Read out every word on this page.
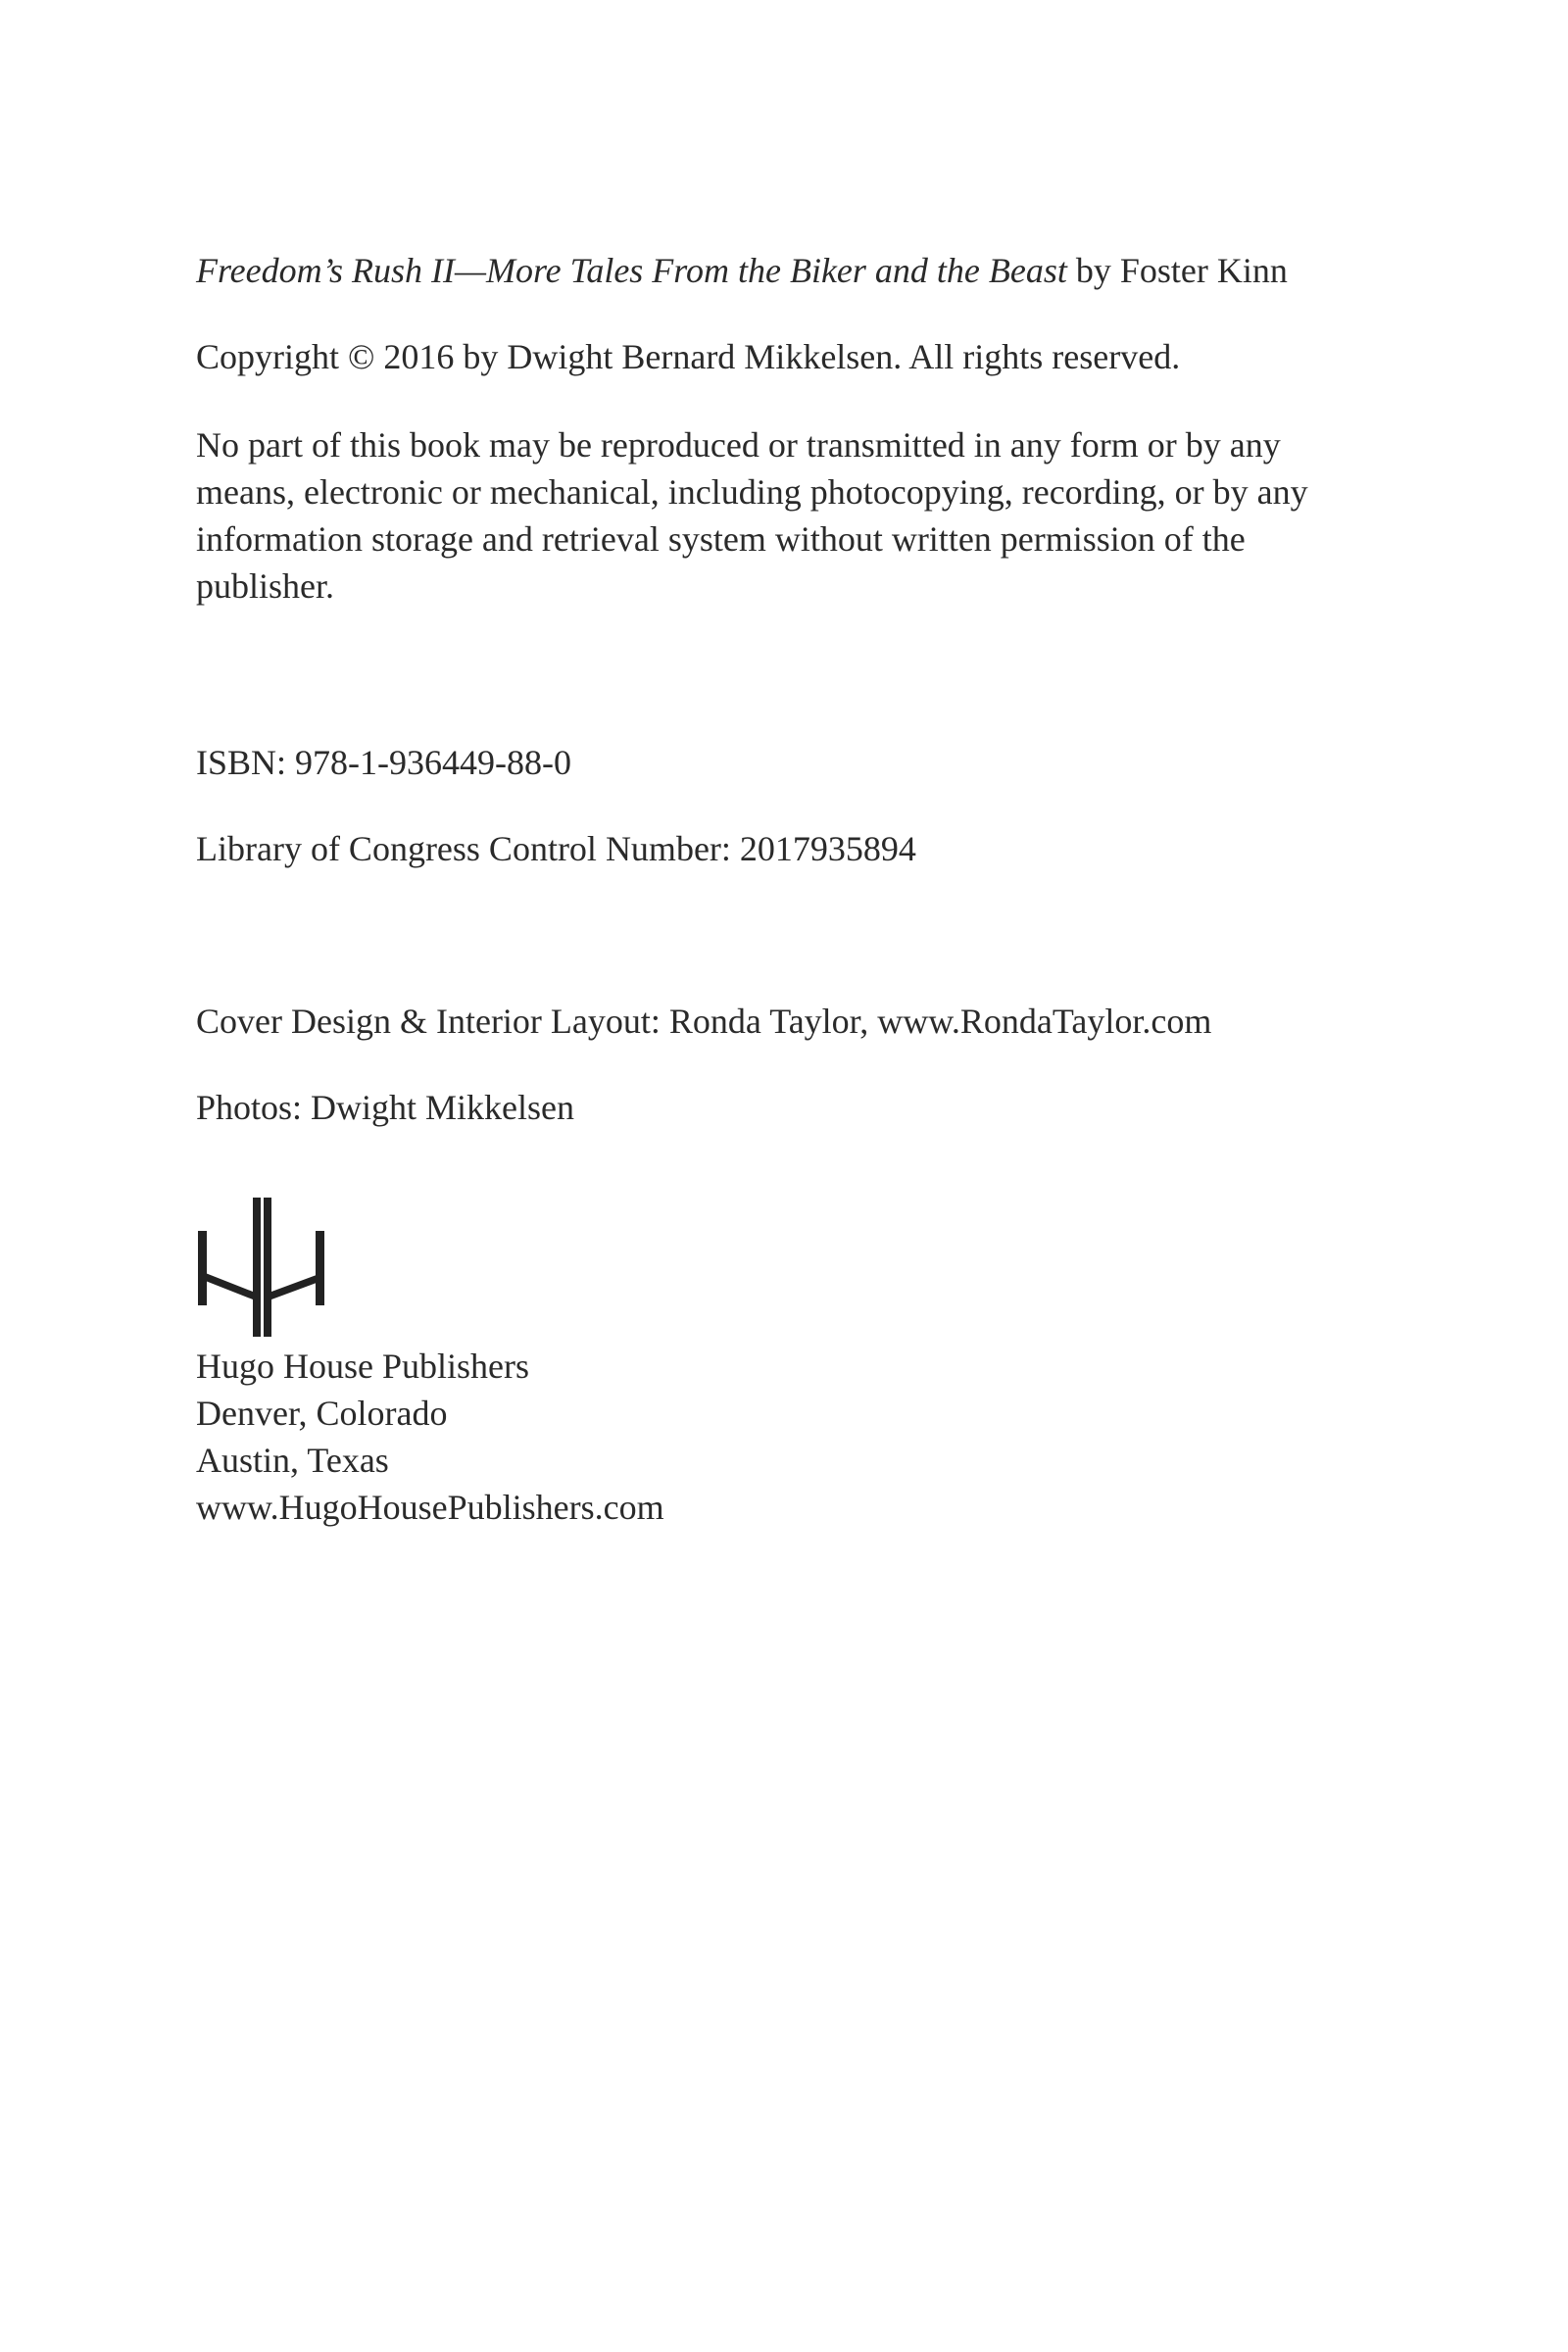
Freedom’s Rush II—More Tales From the Biker and the Beast by Foster Kinn

Copyright © 2016 by Dwight Bernard Mikkelsen. All rights reserved.

No part of this book may be reproduced or transmitted in any form or by any means, electronic or mechanical, including photocopying, recording, or by any information storage and retrieval system without written permission of the publisher.

ISBN: 978-1-936449-88-0

Library of Congress Control Number: 2017935894

Cover Design & Interior Layout: Ronda Taylor, www.RondaTaylor.com

Photos: Dwight Mikkelsen

Hugo House Publishers
Denver, Colorado
Austin, Texas
www.HugoHousePublishers.com
